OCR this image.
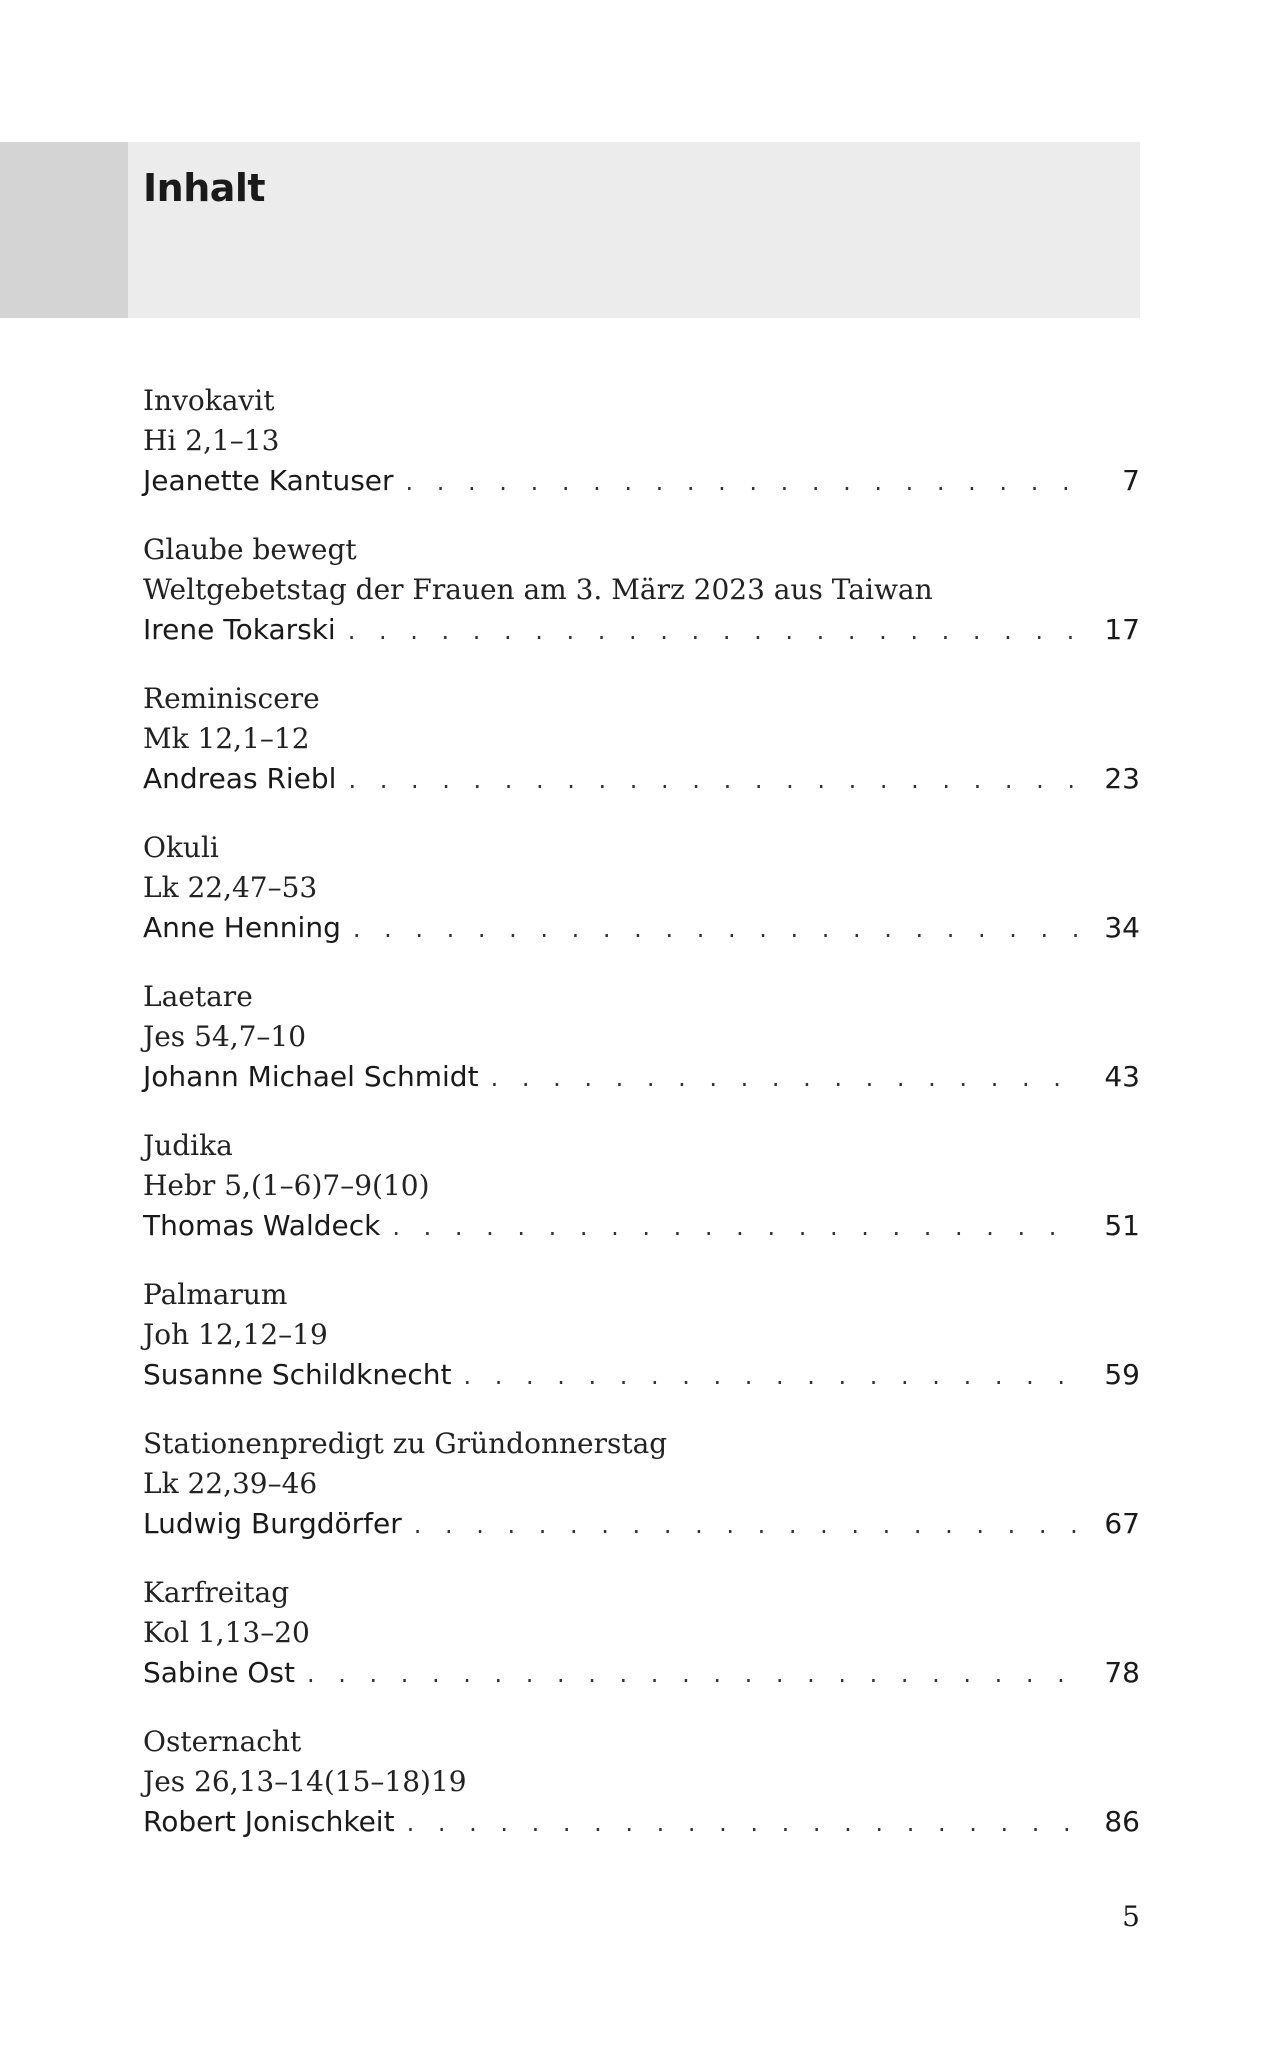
Inhalt
Invokavit
Hi 2,1–13
Jeanette Kantuser . . .	7
Glaube bewegt
Weltgebetstag der Frauen am 3. März 2023 aus Taiwan
Irene Tokarski . . .	17
Reminiscere
Mk 12,1–12
Andreas Riebl . . .	23
Okuli
Lk 22,47–53
Anne Henning . . .	34
Laetare
Jes 54,7–10
Johann Michael Schmidt . . .	43
Judika
Hebr 5,(1–6)7–9(10)
Thomas Waldeck . . .	51
Palmarum
Joh 12,12–19
Susanne Schildknecht . . .	59
Stationenpredigt zu Gründonnerstag
Lk 22,39–46
Ludwig Burgdörfer . . .	67
Karfreitag
Kol 1,13–20
Sabine Ost . . .	78
Osternacht
Jes 26,13–14(15–18)19
Robert Jonischkeit . . .	86
5
